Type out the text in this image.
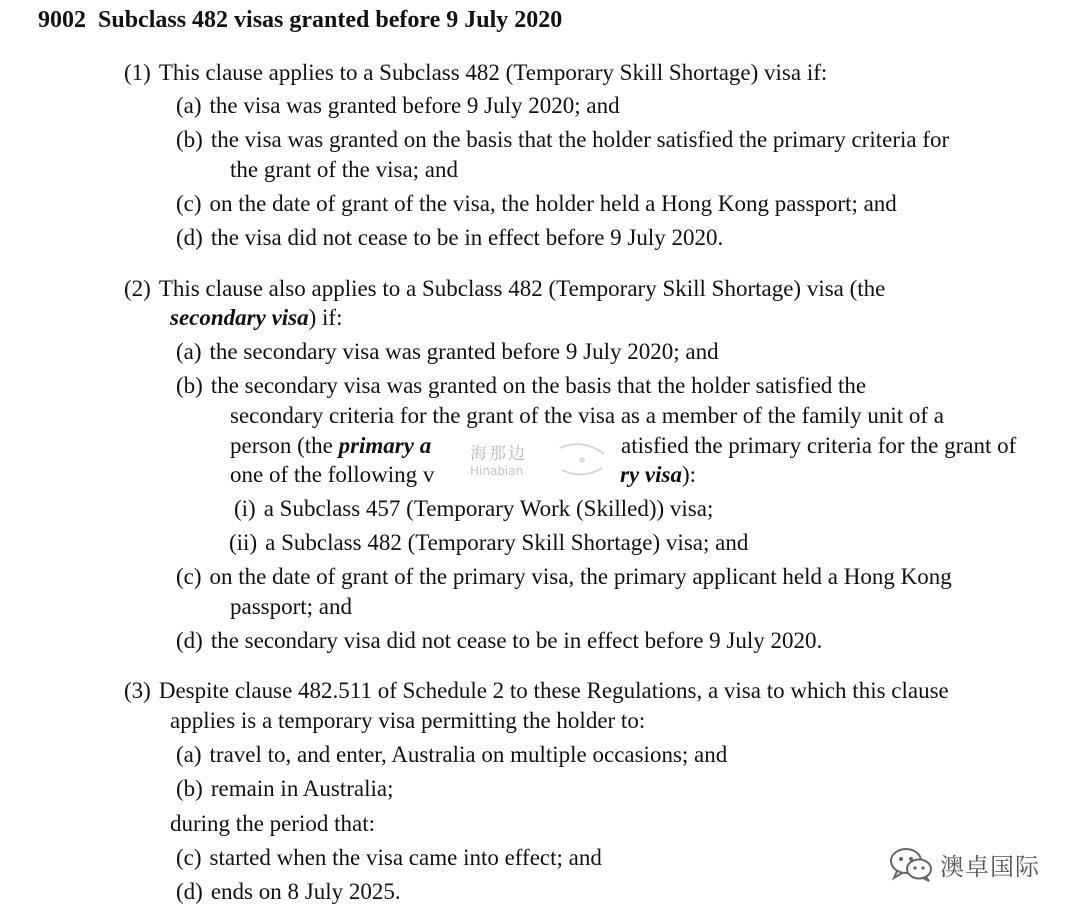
9002 Subclass 482 visas granted before 9 July 2020
(1) This clause applies to a Subclass 482 (Temporary Skill Shortage) visa if:
(a) the visa was granted before 9 July 2020; and
(b) the visa was granted on the basis that the holder satisfied the primary criteria for
the grant of the visa; and
(c) on the date of grant of the visa, the holder held a Hong Kong passport; and
(d) the visa did not cease to be in effect before 9 July 2020.
(2) This clause also applies to a Subclass 482 (Temporary Skill Shortage) visa (the
secondary visa) if:
(a) the secondary visa was granted before 9 July 2020; and
(b) the secondary visa was granted on the basis that the holder satisfied the
secondary criteria for the grant of the visa as a member of the family unit of a
person (the primary a	atisfied the primary criteria for the grant of
one of the following v	ry visa):
海那边
Hinabian
(i) a Subclass 457 (Temporary Work (Skilled)) visa;
(ii) a Subclass 482 (Temporary Skill Shortage) visa; and
(c) on the date of grant of the primary visa, the primary applicant held a Hong Kong
passport; and
(d) the secondary visa did not cease to be in effect before 9 July 2020.
(3) Despite clause 482.511 of Schedule 2 to these Regulations, a visa to which this clause
applies is a temporary visa permitting the holder to:
(a) travel to, and enter, Australia on multiple occasions; and
(b) remain in Australia;
during the period that:
(c) started when the visa came into effect; and
(d) ends on 8 July 2025.
澳卓国际
